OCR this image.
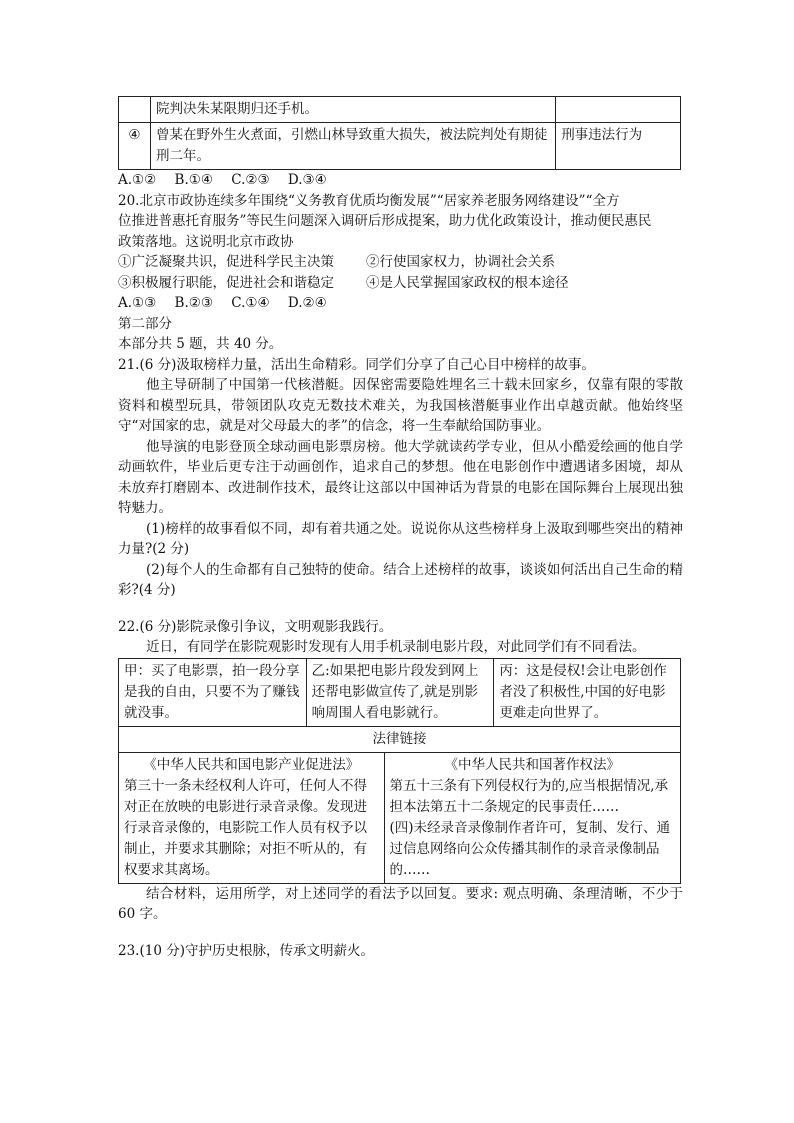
	院判决朱某限期归还手机。	
④	曾某在野外生火煮面，引燃山林导致重大损失，被法院判处有期徒刑二年。	刑事违法行为
A.①② B.①④ C.②③ D.③④
20.北京市政协连续多年围绕“义务教育优质均衡发展”“居家养老服务网络建设”“全方
位推进普惠托育服务”等民生问题深入调研后形成提案，助力优化政策设计，推动便民惠民
政策落地。这说明北京市政协
①广泛凝聚共识，促进科学民主决策	②行使国家权力，协调社会关系
③积极履行职能，促进社会和谐稳定	④是人民掌握国家政权的根本途径
A.①③ B.②③ C.①④ D.②④
第二部分
本部分共 5 题，共 40 分。
21.(6 分)汲取榜样力量，活出生命精彩。同学们分享了自己心目中榜样的故事。
他主导研制了中国第一代核潜艇。因保密需要隐姓埋名三十载未回家乡，仅靠有限的零散资料和模型玩具，带领团队攻克无数技术难关，为我国核潜艇事业作出卓越贡献。他始终坚守“对国家的忠，就是对父母最大的孝”的信念，将一生奉献给国防事业。
他导演的电影登顶全球动画电影票房榜。他大学就读药学专业，但从小酷爱绘画的他自学动画软件，毕业后更专注于动画创作，追求自己的梦想。他在电影创作中遭遇诸多困境，却从未放弃打磨剧本、改进制作技术，最终让这部以中国神话为背景的电影在国际舞台上展现出独特魅力。
(1)榜样的故事看似不同，却有着共通之处。说说你从这些榜样身上汲取到哪些突出的精神力量?(2 分)
(2)每个人的生命都有自己独特的使命。结合上述榜样的故事，谈谈如何活出自己生命的精彩?(4 分)
22.(6 分)影院录像引争议，文明观影我践行。
近日，有同学在影院观影时发现有人用手机录制电影片段，对此同学们有不同看法。
甲：买了电影票，拍一段分享是我的自由，只要不为了赚钱就没事。	乙:如果把电影片段发到网上还帮电影做宣传了,就是别影响周围人看电影就行。	丙：这是侵权!会让电影创作者没了积极性,中国的好电影更难走向世界了。
法律链接

《中华人民共和国电影产业促进法》
第三十一条未经权利人许可，任何人不得对正在放映的电影进行录音录像。发现进行录音录像的，电影院工作人员有权予以制止，并要求其删除；对拒不听从的，有权要求其离场。

《中华人民共和国著作权法》
第五十三条有下列侵权行为的,应当根据情况,承担本法第五十二条规定的民事责任……
(四)未经录音录像制作者许可，复制、发行、通过信息网络向公众传播其制作的录音录像制品的……
结合材料，运用所学，对上述同学的看法予以回复。要求: 观点明确、条理清晰，不少于 60 字。
23.(10 分)守护历史根脉，传承文明薪火。
